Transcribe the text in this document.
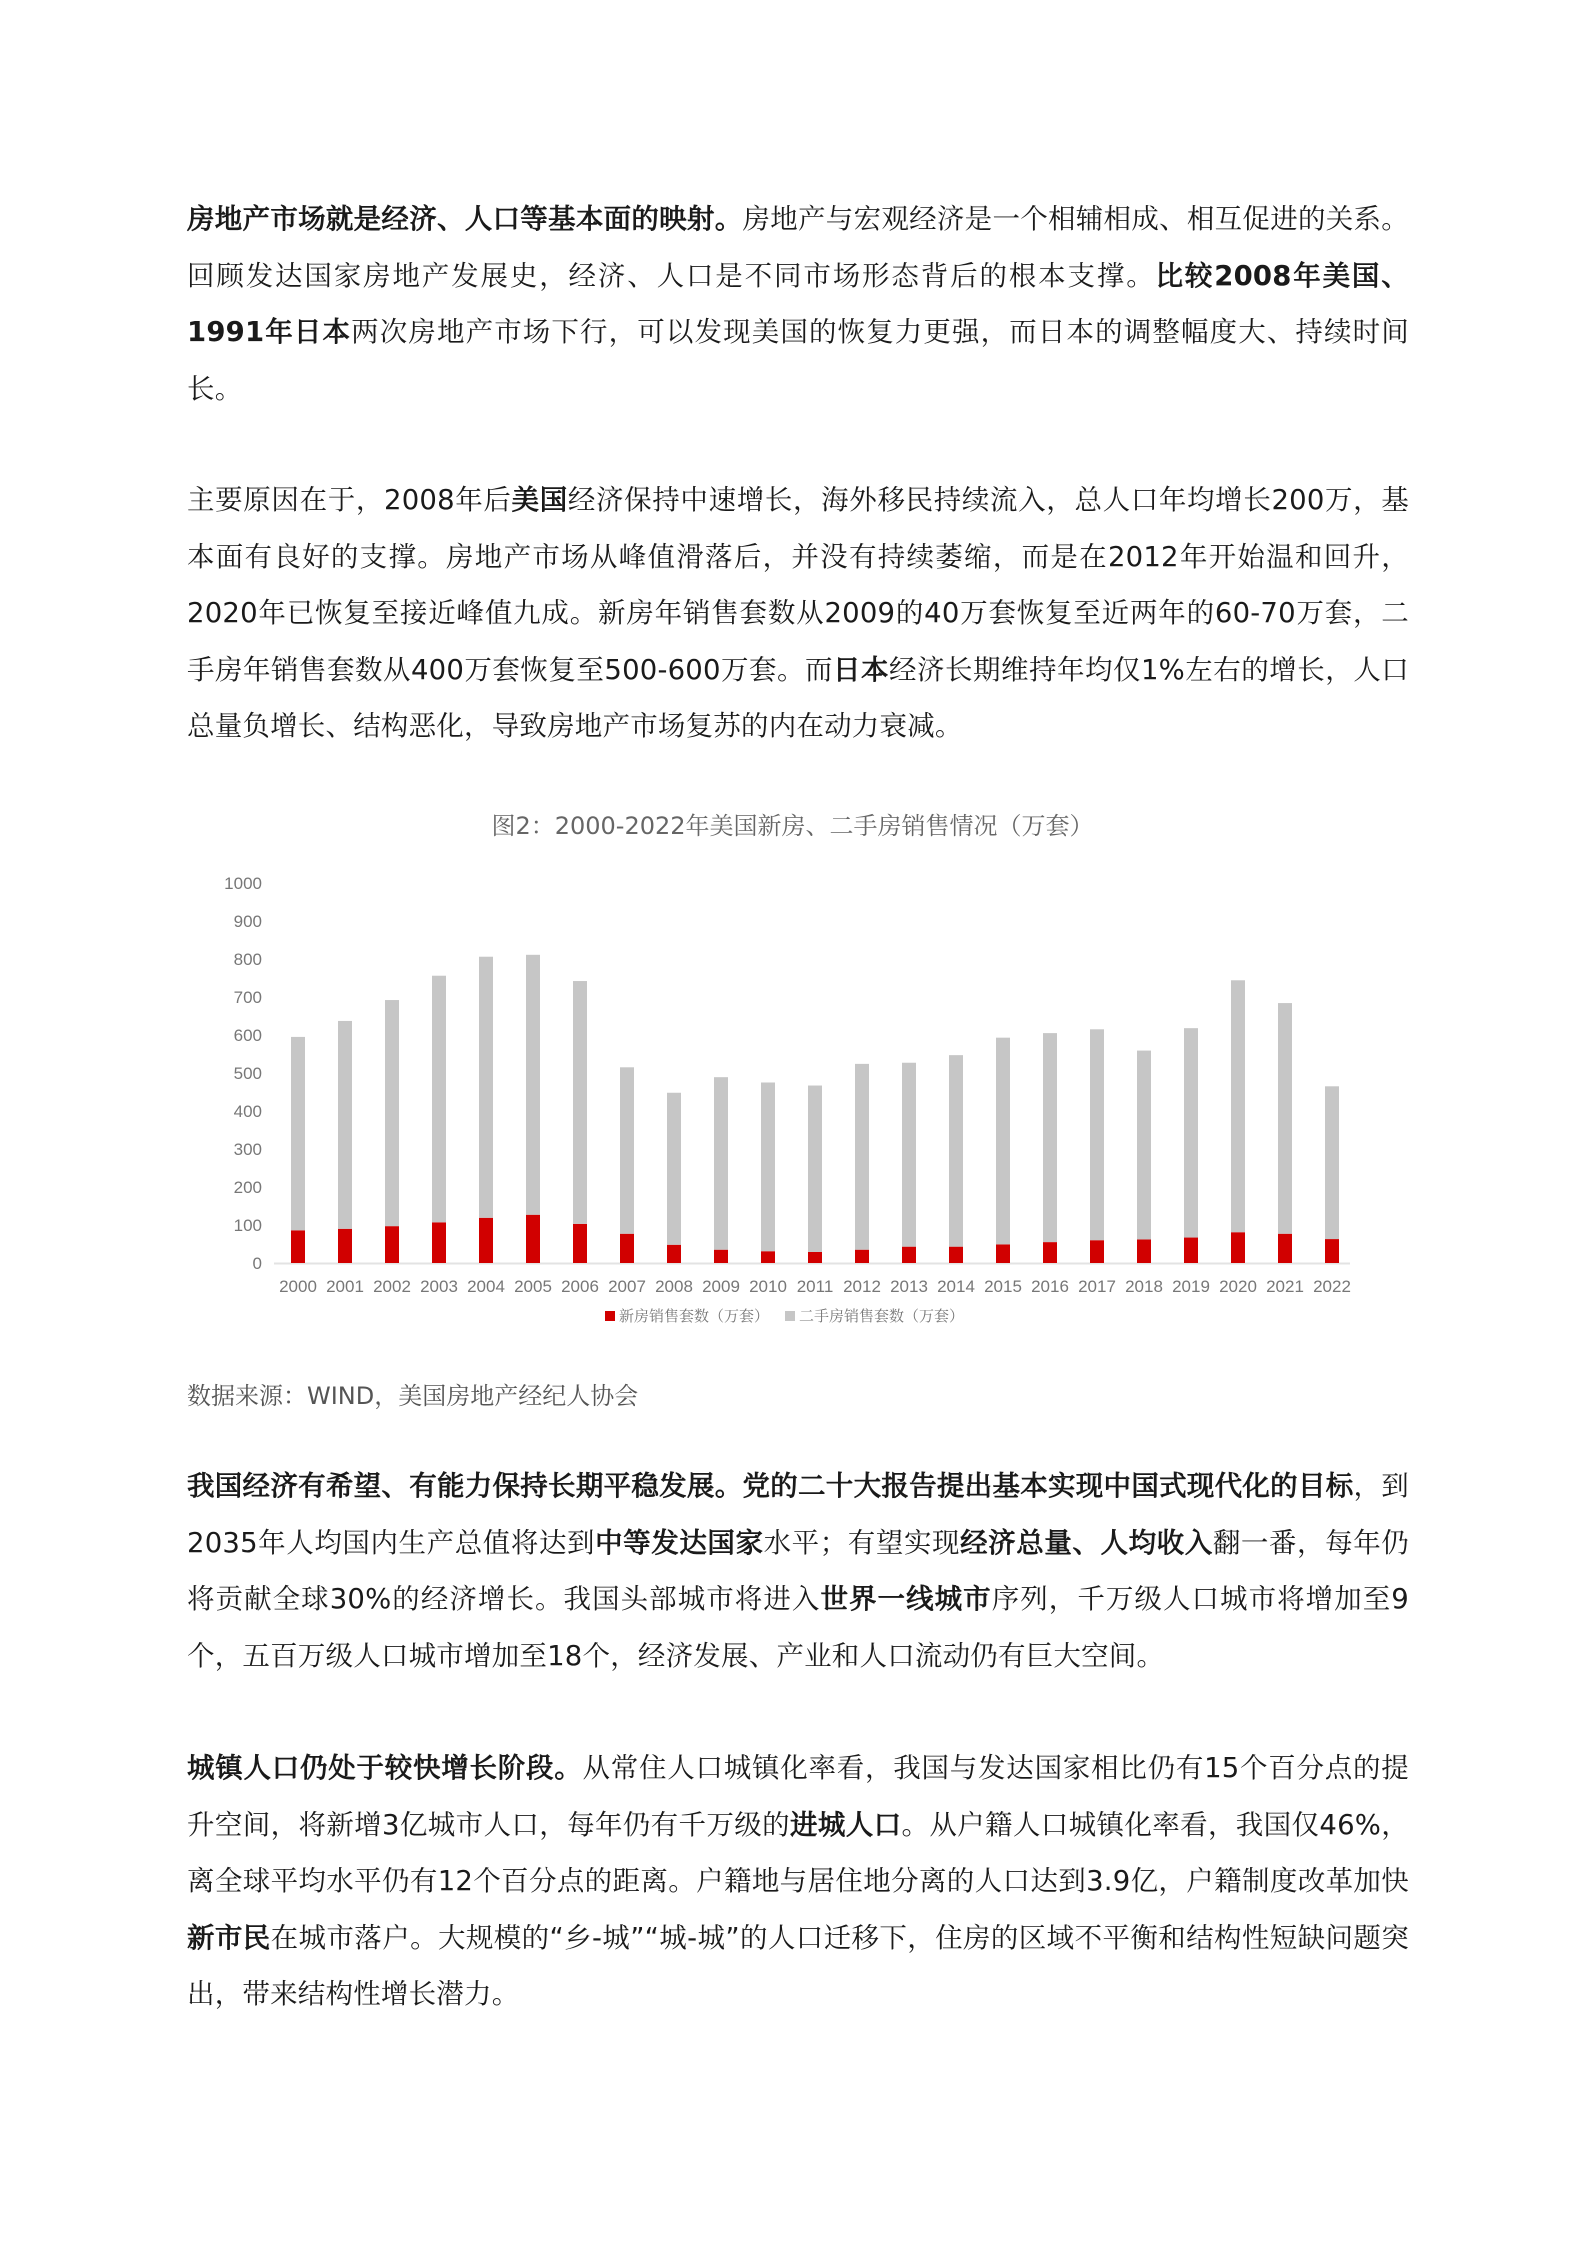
房地产市场就是经济、人口等基本面的映射。房地产与宏观经济是一个相辅相成、相互促进的关系。回顾发达国家房地产发展史，经济、人口是不同市场形态背后的根本支撑。比较2008年美国、1991年日本两次房地产市场下行，可以发现美国的恢复力更强，而日本的调整幅度大、持续时间长。
主要原因在于，2008年后美国经济保持中速增长，海外移民持续流入，总人口年均增长200万，基本面有良好的支撑。房地产市场从峰值滑落后，并没有持续萎缩，而是在2012年开始温和回升，2020年已恢复至接近峰值九成。新房年销售套数从2009的40万套恢复至近两年的60-70万套，二手房年销售套数从400万套恢复至500-600万套。而日本经济长期维持年均仅1%左右的增长，人口总量负增长、结构恶化，导致房地产市场复苏的内在动力衰减。
图2：2000-2022年美国新房、二手房销售情况（万套）
0
100
200
300
400
500
600
700
800
900
1000
2000 2001 2002 2003 2004 2005 2006 2007 2008 2009 2010 2011 2012 2013 2014 2015 2016 2017 2018 2019 2020 2021 2022
新房销售套数（万套） 二手房销售套数（万套）
数据来源：WIND，美国房地产经纪人协会
我国经济有希望、有能力保持长期平稳发展。党的二十大报告提出基本实现中国式现代化的目标，到2035年人均国内生产总值将达到中等发达国家水平；有望实现经济总量、人均收入翻一番，每年仍将贡献全球30%的经济增长。我国头部城市将进入世界一线城市序列，千万级人口城市将增加至9个，五百万级人口城市增加至18个，经济发展、产业和人口流动仍有巨大空间。
城镇人口仍处于较快增长阶段。从常住人口城镇化率看，我国与发达国家相比仍有15个百分点的提升空间，将新增3亿城市人口，每年仍有千万级的进城人口。从户籍人口城镇化率看，我国仅46%，离全球平均水平仍有12个百分点的距离。户籍地与居住地分离的人口达到3.9亿，户籍制度改革加快新市民在城市落户。大规模的“乡-城”“城-城”的人口迁移下，住房的区域不平衡和结构性短缺问题突出，带来结构性增长潜力。
